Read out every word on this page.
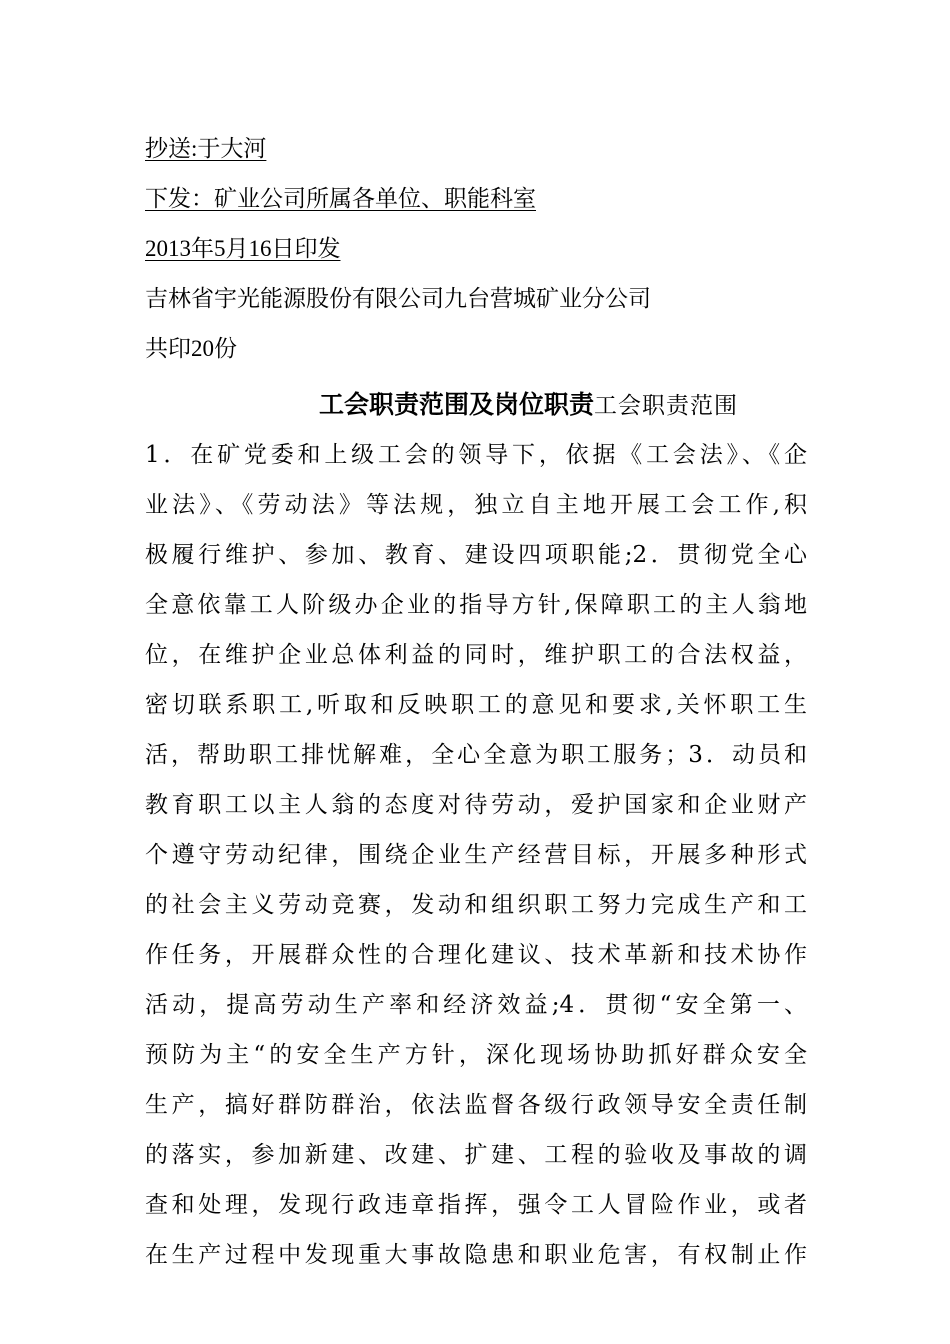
抄送:于大河
下发：矿业公司所属各单位、职能科室
2013年5月16日印发
吉林省宇光能源股份有限公司九台营城矿业分公司
共印20份
工会职责范围及岗位职责工会职责范围
1．在矿党委和上级工会的领导下，依据《工会法》、《企
业法》、《劳动法》等法规，独立自主地开展工会工作,积
极履行维护、参加、教育、建设四项职能;2．贯彻党全心
全意依靠工人阶级办企业的指导方针,保障职工的主人翁地
位，在维护企业总体利益的同时，维护职工的合法权益，
密切联系职工,听取和反映职工的意见和要求,关怀职工生
活，帮助职工排忧解难，全心全意为职工服务；3．动员和
教育职工以主人翁的态度对待劳动，爱护国家和企业财产
个遵守劳动纪律，围绕企业生产经营目标，开展多种形式
的社会主义劳动竞赛，发动和组织职工努力完成生产和工
作任务，开展群众性的合理化建议、技术革新和技术协作
活动，提高劳动生产率和经济效益;4．贯彻“安全第一、
预防为主“的安全生产方针，深化现场协助抓好群众安全
生产，搞好群防群治，依法监督各级行政领导安全责任制
的落实，参加新建、改建、扩建、工程的验收及事故的调
查和处理，发现行政违章指挥，强令工人冒险作业，或者
在生产过程中发现重大事故隐患和职业危害，有权制止作
